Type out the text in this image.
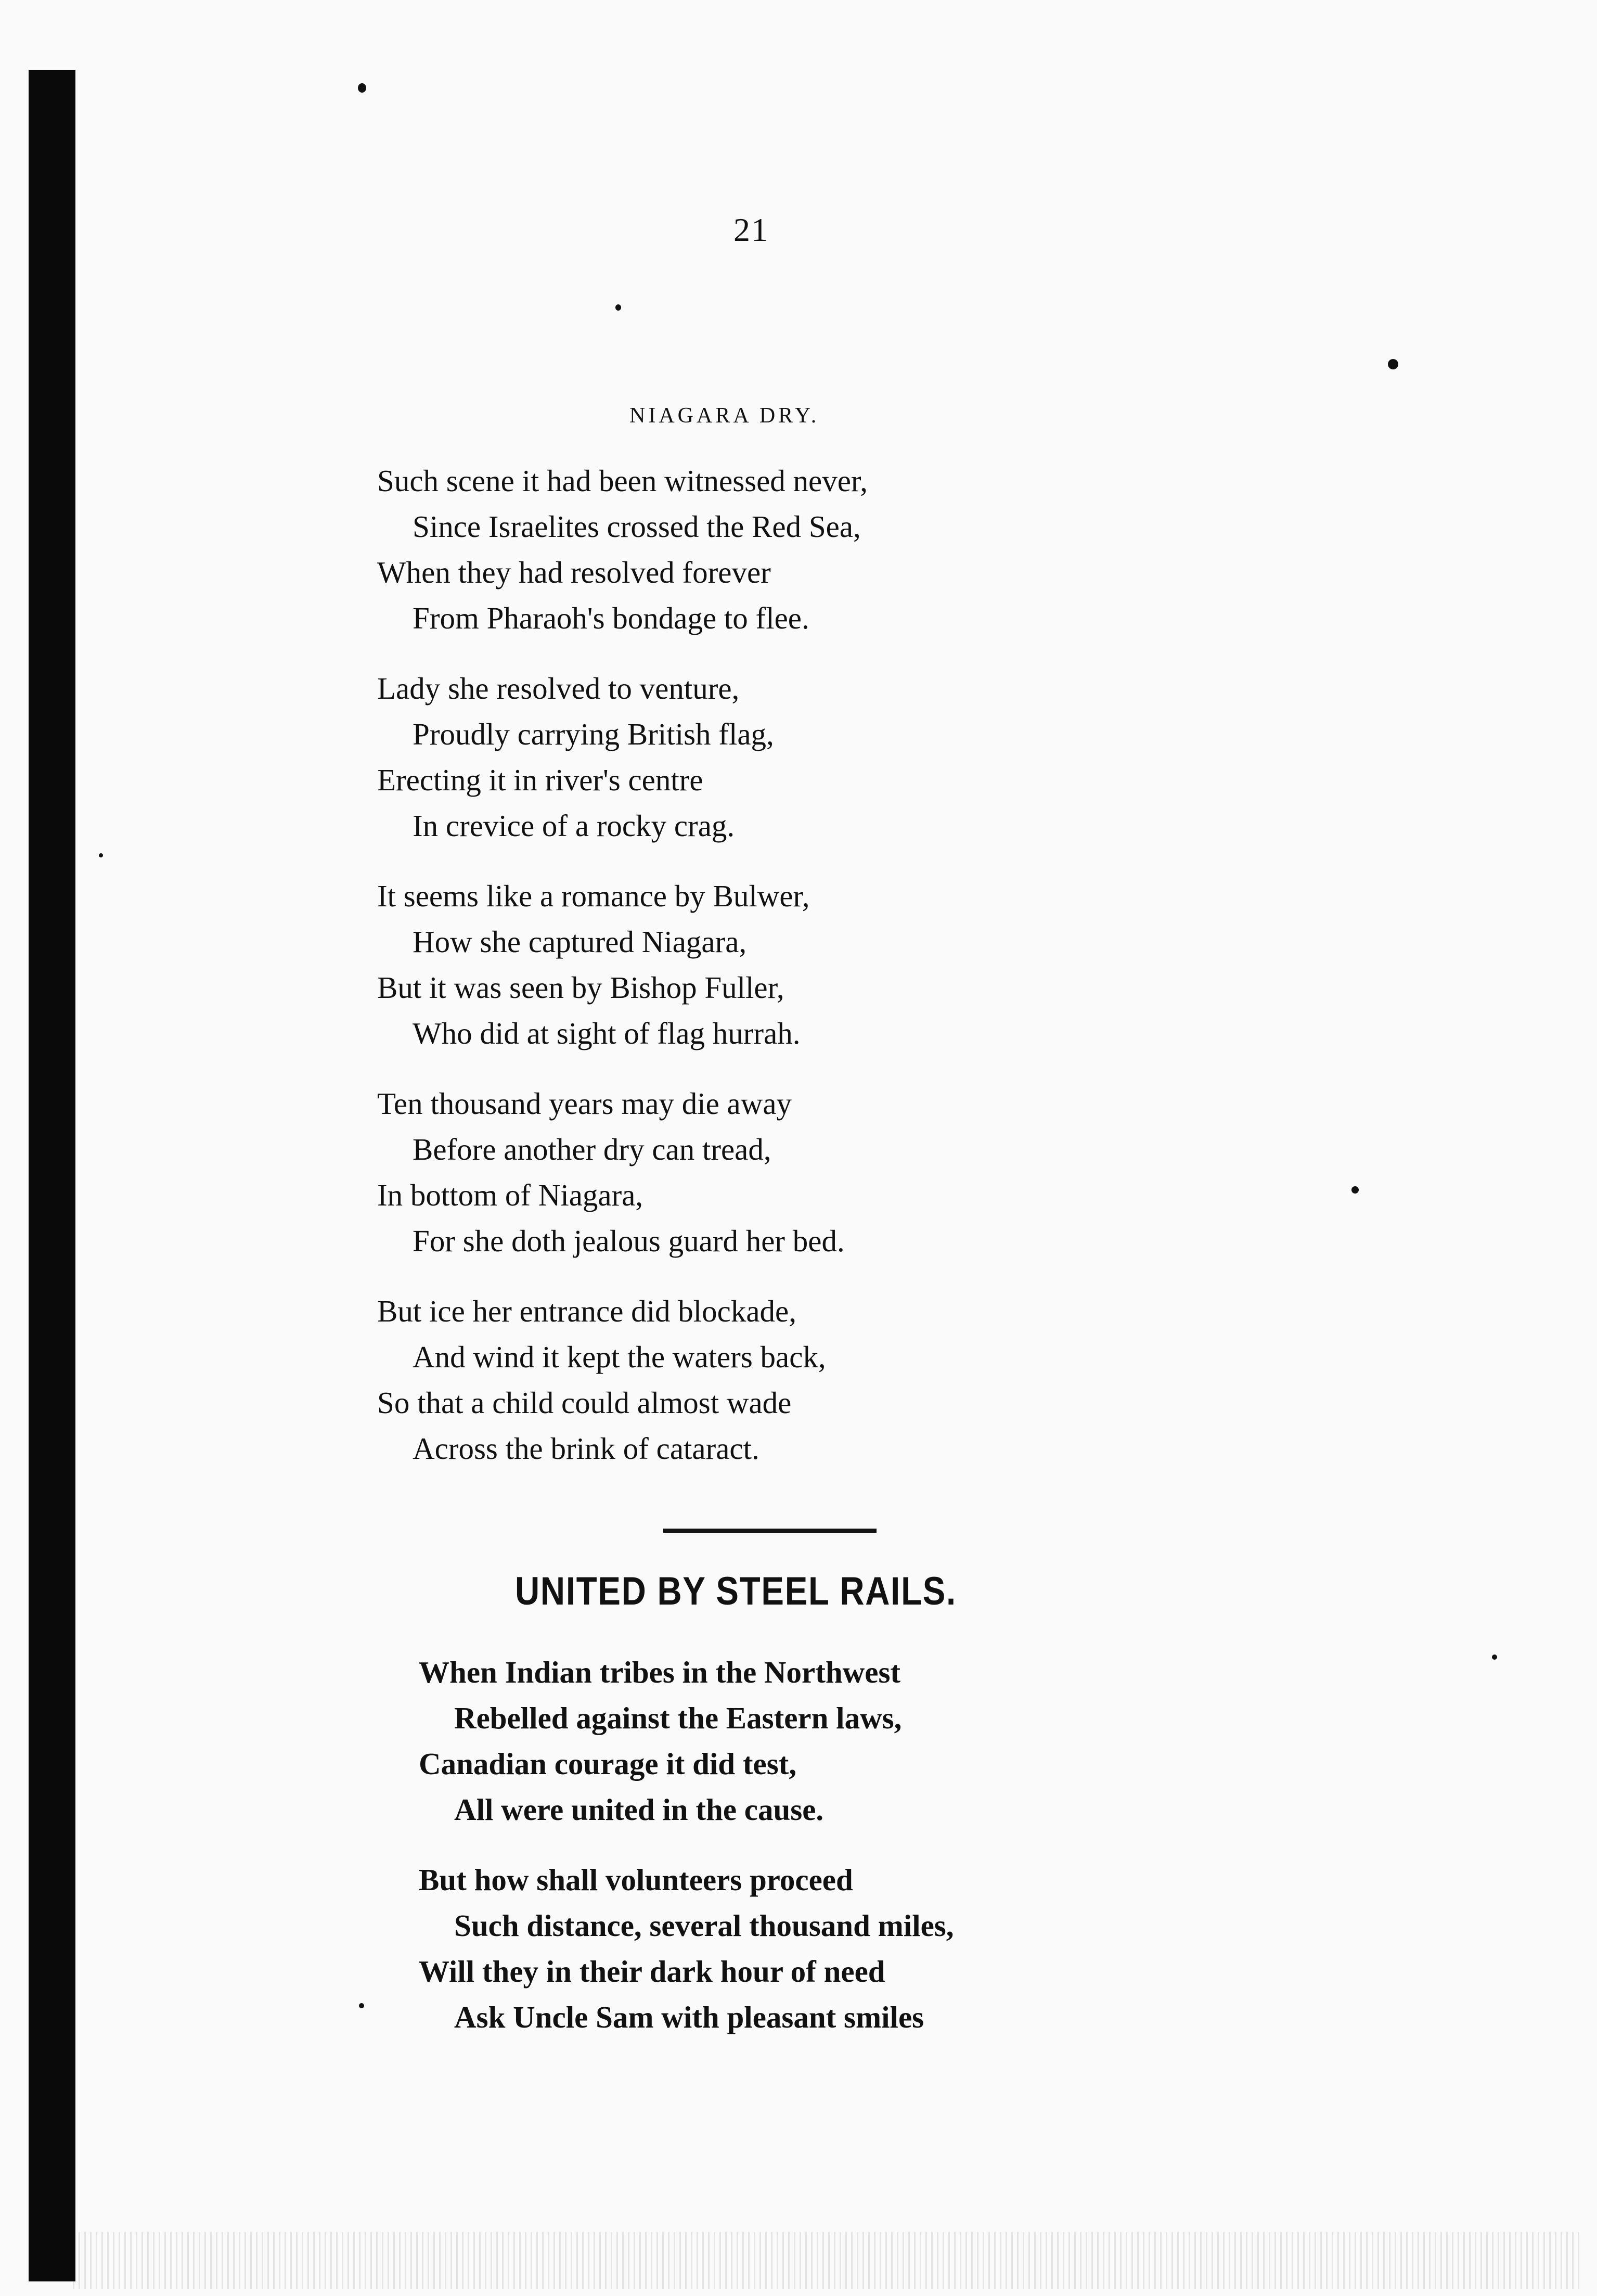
21
NIAGARA DRY.
Such scene it had been witnessed never,
Since Israelites crossed the Red Sea,
When they had resolved forever
From Pharaoh's bondage to flee.
Lady she resolved to venture,
Proudly carrying British flag,
Erecting it in river's centre
In crevice of a rocky crag.
It seems like a romance by Bulwer,
How she captured Niagara,
But it was seen by Bishop Fuller,
Who did at sight of flag hurrah.
Ten thousand years may die away
Before another dry can tread,
In bottom of Niagara,
For she doth jealous guard her bed.
But ice her entrance did blockade,
And wind it kept the waters back,
So that a child could almost wade
Across the brink of cataract.
UNITED BY STEEL RAILS.
When Indian tribes in the Northwest
Rebelled against the Eastern laws,
Canadian courage it did test,
All were united in the cause.
But how shall volunteers proceed
Such distance, several thousand miles,
Will they in their dark hour of need
Ask Uncle Sam with pleasant smiles
